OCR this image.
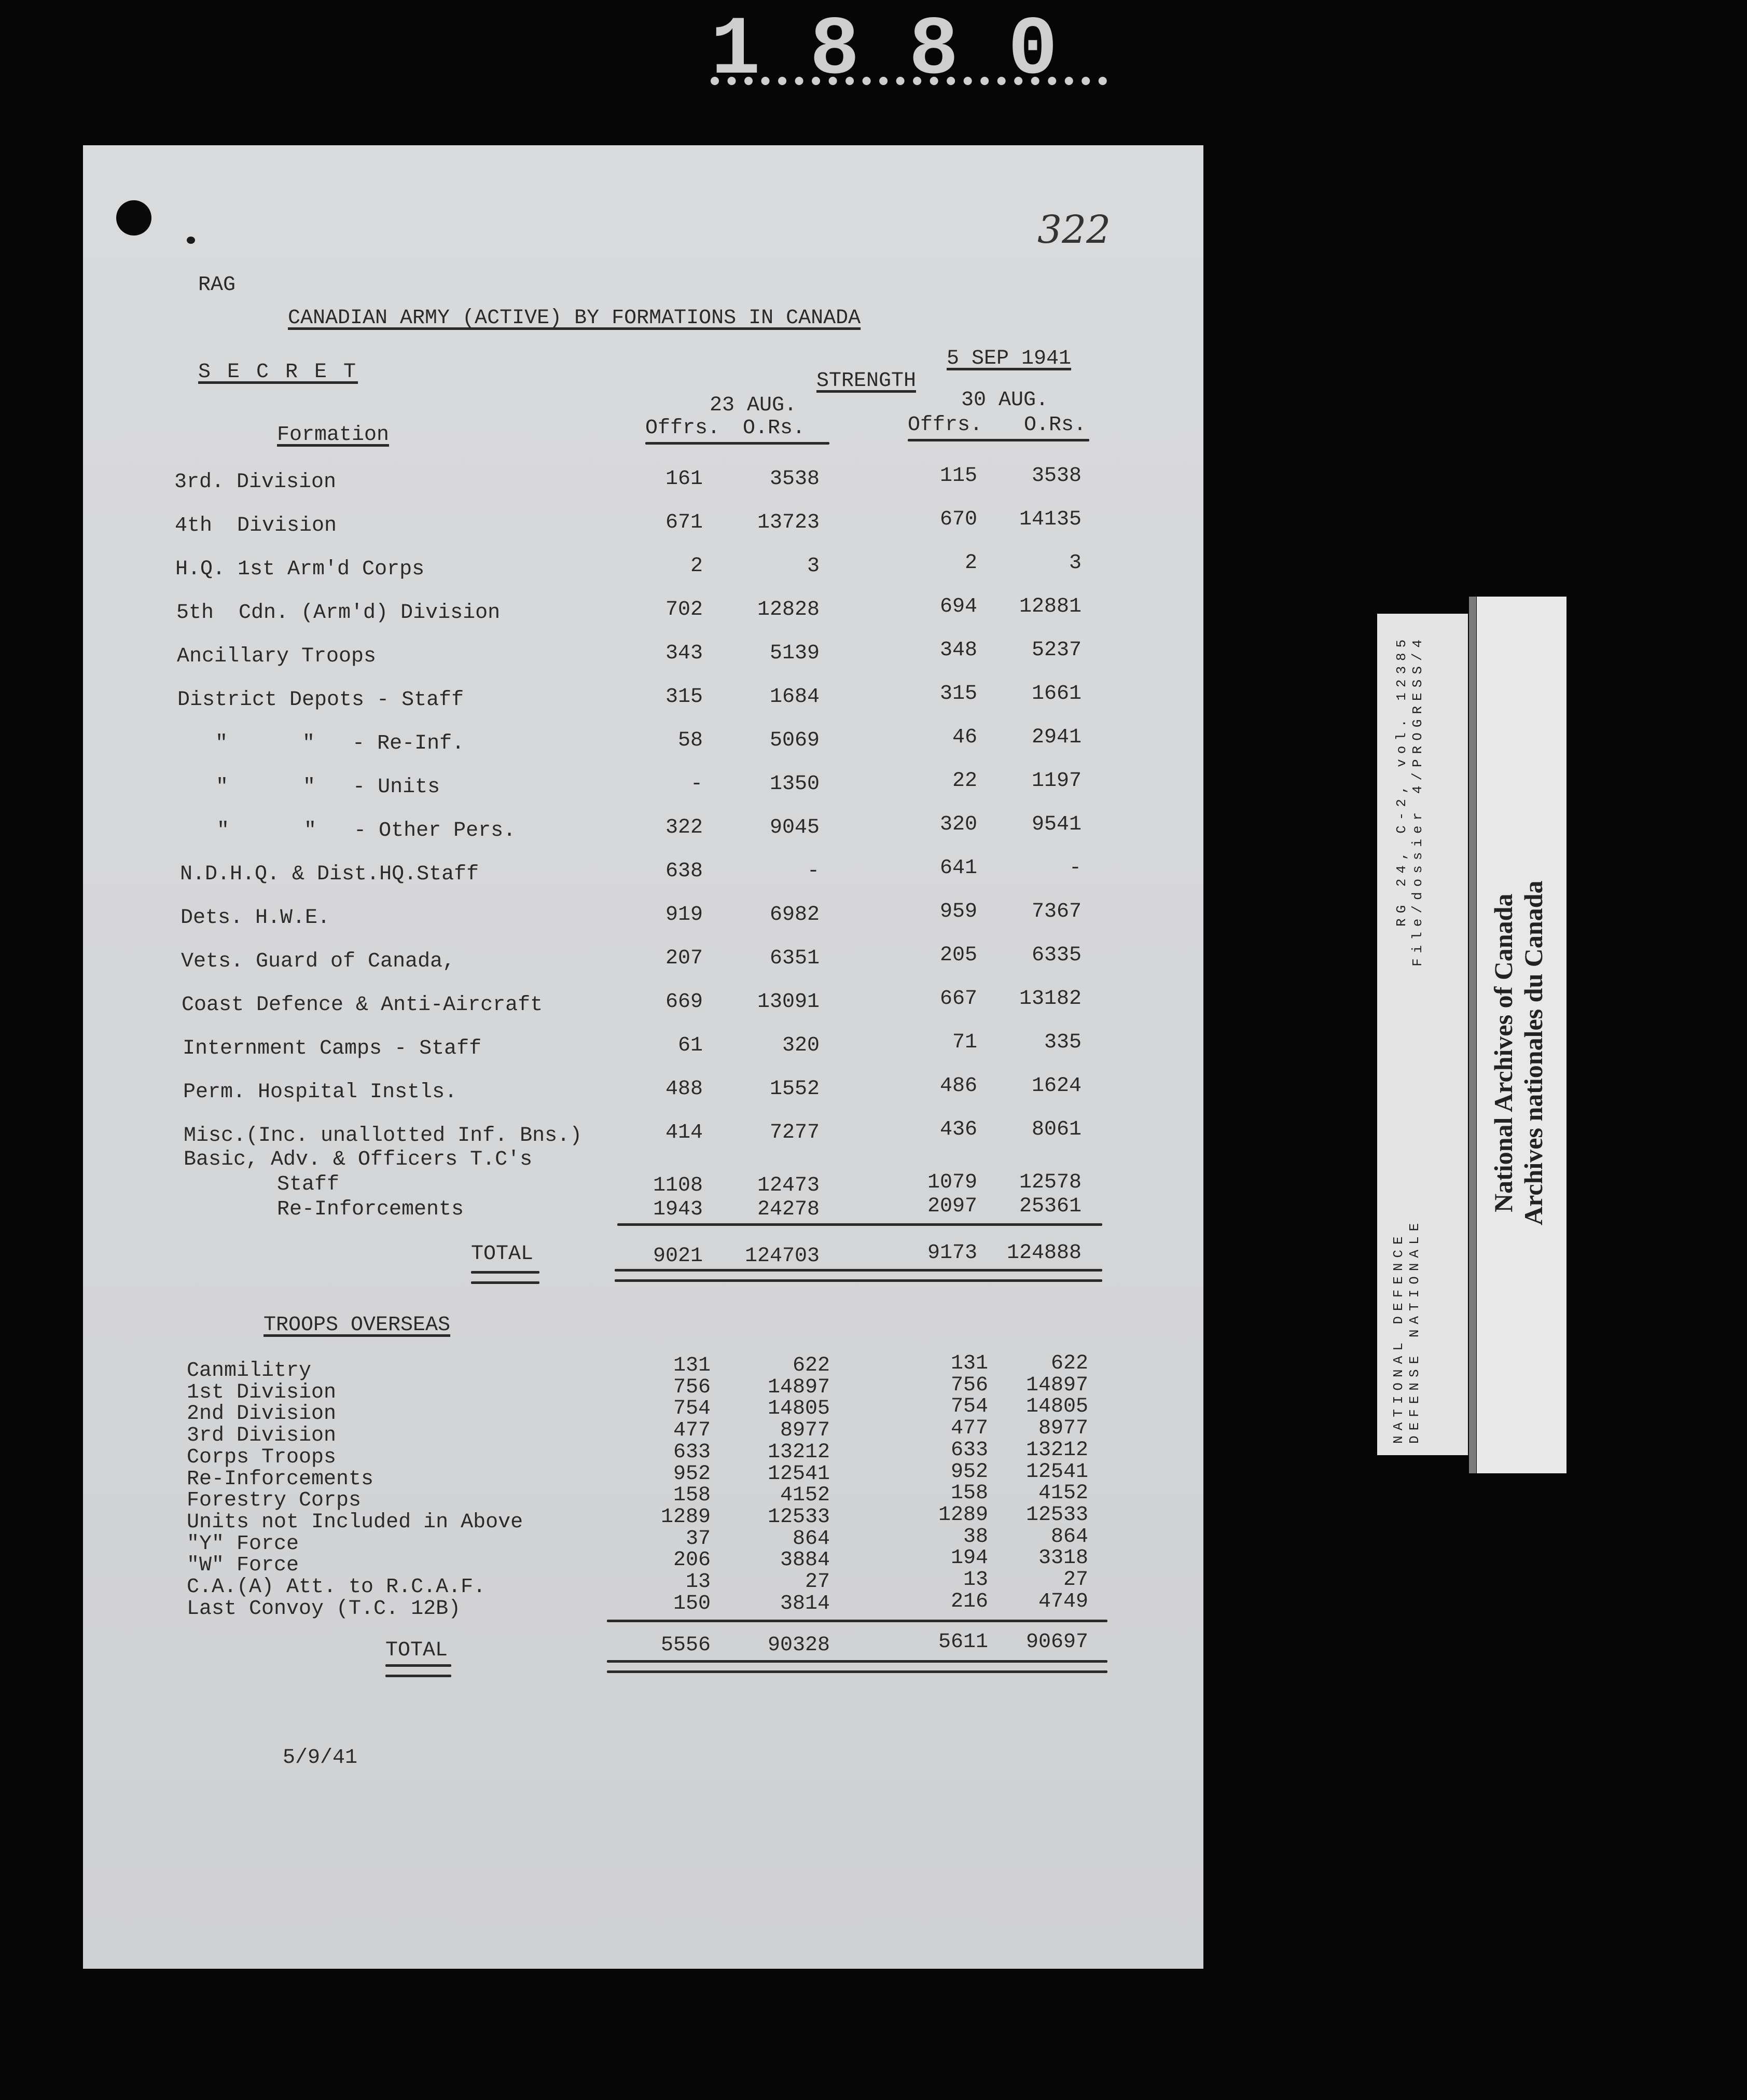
1880
322
RAG
CANADIAN ARMY (ACTIVE) BY FORMATIONS IN CANADA
S E C R E T
5 SEP 1941
STRENGTH
23 AUG.	30 AUG.
Formation	Offrs. O.Rs.	Offrs. O.Rs.
3rd. Division	161	3538	115	3538
4th  Division	671	13723	670	14135
H.Q. 1st Arm'd Corps	2	3	2	3
5th  Cdn. (Arm'd) Division	702	12828	694	12881
Ancillary Troops	343	5139	348	5237
District Depots - Staff	315	1684	315	1661
"      "   - Re-Inf.	58	5069	46	2941
"      "   - Units	-	1350	22	1197
"      "   - Other Pers.	322	9045	320	9541
N.D.H.Q. & Dist.HQ.Staff	638	-	641	-
Dets. H.W.E.	919	6982	959	7367
Vets. Guard of Canada,	207	6351	205	6335
Coast Defence & Anti-Aircraft	669	13091	667	13182
Internment Camps - Staff	61	320	71	335
Perm. Hospital Instls.	488	1552	486	1624
Misc.(Inc. unallotted Inf. Bns.)	414	7277	436	8061
Basic, Adv. & Officers T.C's
Staff	1108	12473	1079	12578
Re-Inforcements	1943	24278	2097	25361
TOTAL	9021	124703	9173	124888
TROOPS OVERSEAS
Canmilitry	131	622	131	622
1st Division	756	14897	756	14897
2nd Division	754	14805	754	14805
3rd Division	477	8977	477	8977
Corps Troops	633	13212	633	13212
Re-Inforcements	952	12541	952	12541
Forestry Corps	158	4152	158	4152
Units not Included in Above	1289	12533	1289	12533
"Y" Force	37	864	38	864
"W" Force	206	3884	194	3318
C.A.(A) Att. to R.C.A.F.	13	27	13	27
Last Convoy (T.C. 12B)	150	3814	216	4749
TOTAL	5556	90328	5611	90697
5/9/41
RG 24, C-2, vol. 12385
File/dossier 4/PROGRESS/4
NATIONAL DEFENCE
DEFENSE NATIONALE
National Archives of Canada
Archives nationales du Canada
